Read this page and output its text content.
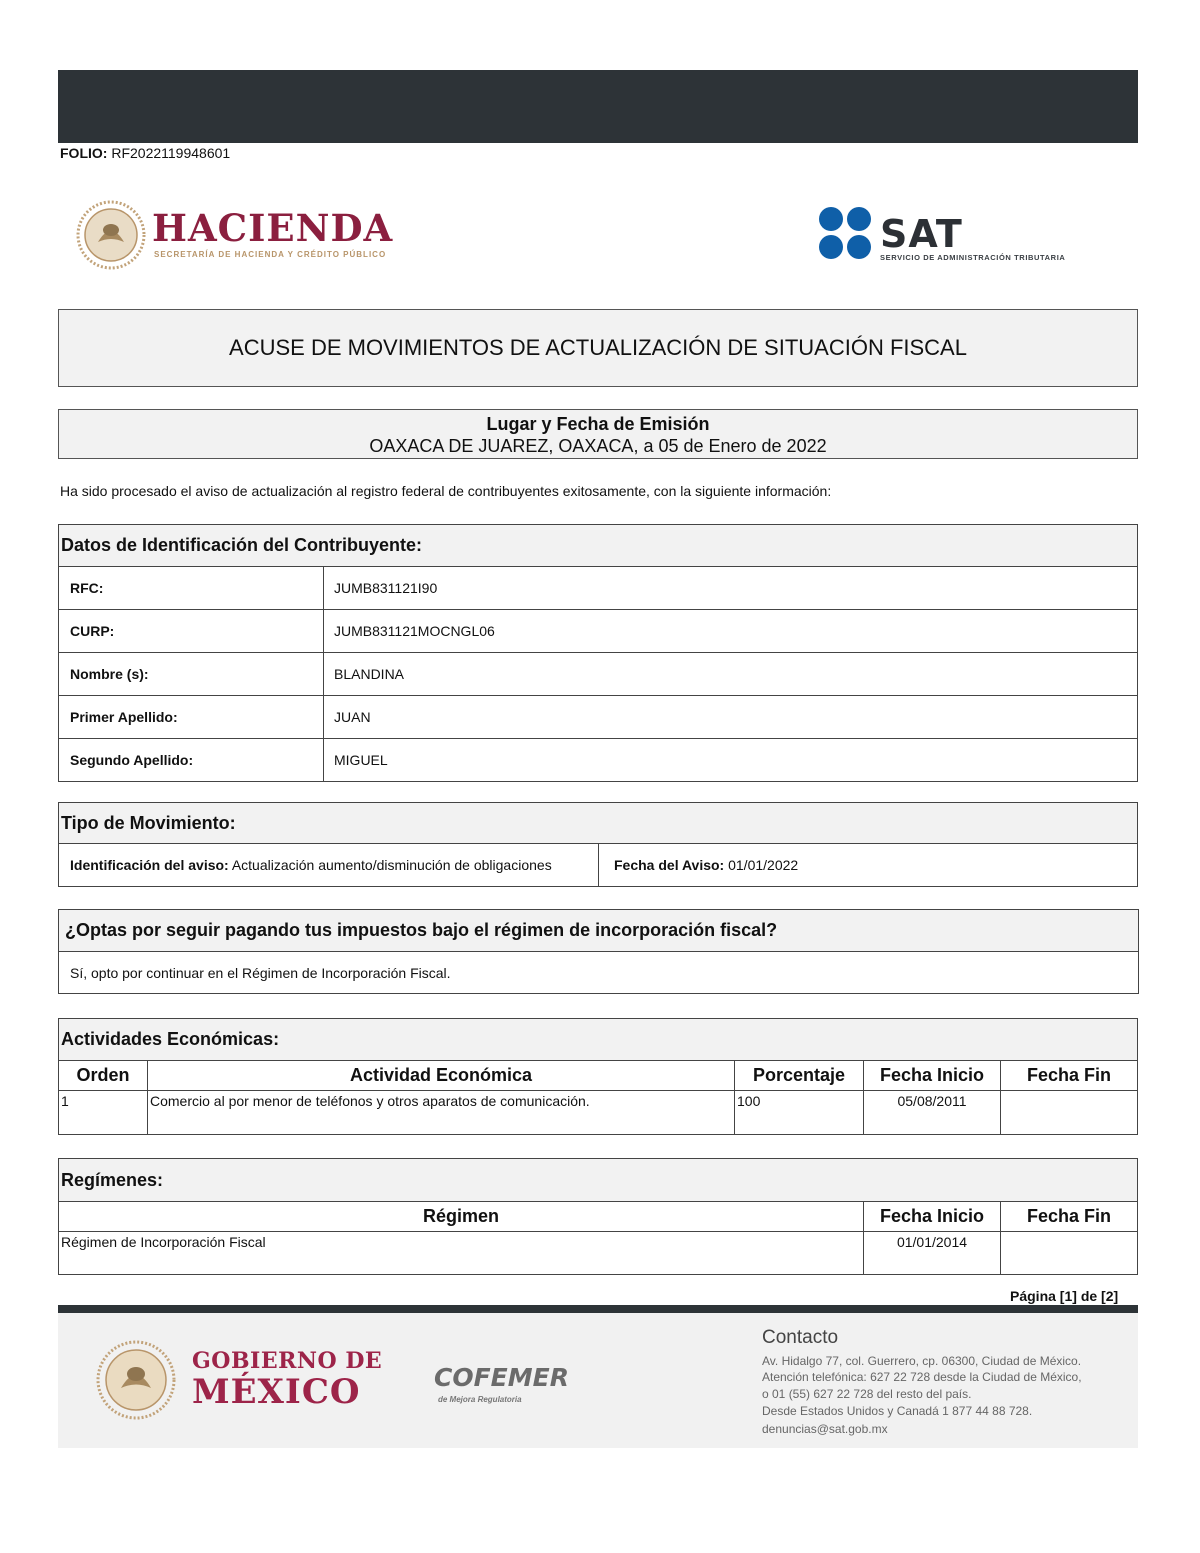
FOLIO: RF2022119948601
HACIENDA
SECRETARÍA DE HACIENDA Y CRÉDITO PÚBLICO	SAT
SERVICIO DE ADMINISTRACIÓN TRIBUTARIA
ACUSE DE MOVIMIENTOS DE ACTUALIZACIÓN DE SITUACIÓN FISCAL
Lugar y Fecha de Emisión
OAXACA DE JUAREZ, OAXACA, a 05 de Enero de 2022
Ha sido procesado el aviso de actualización al registro federal de contribuyentes exitosamente, con la siguiente información:
Datos de Identificación del Contribuyente:	
RFC:	JUMB831121I90
CURP:	JUMB831121MOCNGL06
Nombre (s):	BLANDINA
Primer Apellido:	JUAN
Segundo Apellido:	MIGUEL
Tipo de Movimiento:
Identificación del aviso: Actualización aumento/disminución de obligaciones	Fecha del Aviso: 01/01/2022
¿Optas por seguir pagando tus impuestos bajo el régimen de incorporación fiscal?
Sí, opto por continuar en el Régimen de Incorporación Fiscal.
Actividades Económicas:				
Orden	Actividad Económica	Porcentaje	Fecha Inicio	Fecha Fin
1	Comercio al por menor de teléfonos y otros aparatos de comunicación.	100	05/08/2011	
Regímenes:		
Régimen	Fecha Inicio	Fecha Fin
Régimen de Incorporación Fiscal	01/01/2014	
Página [1] de [2]
GOBIERNO DE
MÉXICO	COFEMER
de Mejora Regulatoria
Contacto
Av. Hidalgo 77, col. Guerrero, cp. 06300, Ciudad de México.
Atención telefónica: 627 22 728 desde la Ciudad de México,
o 01 (55) 627 22 728 del resto del país.
Desde Estados Unidos y Canadá 1 877 44 88 728.
denuncias@sat.gob.mx
